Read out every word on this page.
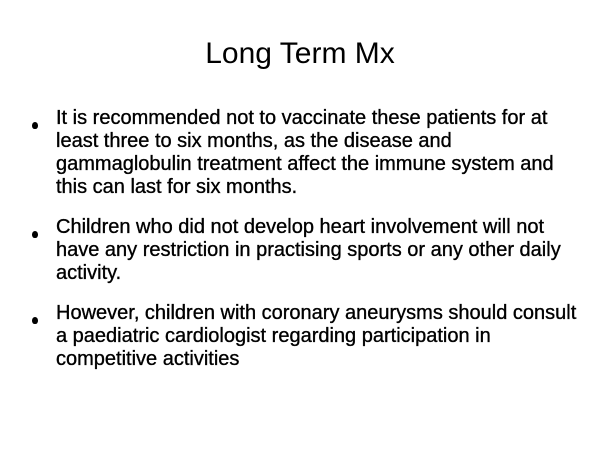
Long Term Mx
It is recommended not to vaccinate these patients for at least three to six months, as the disease and gammaglobulin treatment affect the immune system and this can last for six months.
Children who did not develop heart involvement will not have any restriction in practising sports or any other daily activity.
However, children with coronary aneurysms should consult a paediatric cardiologist regarding participation in competitive activities
